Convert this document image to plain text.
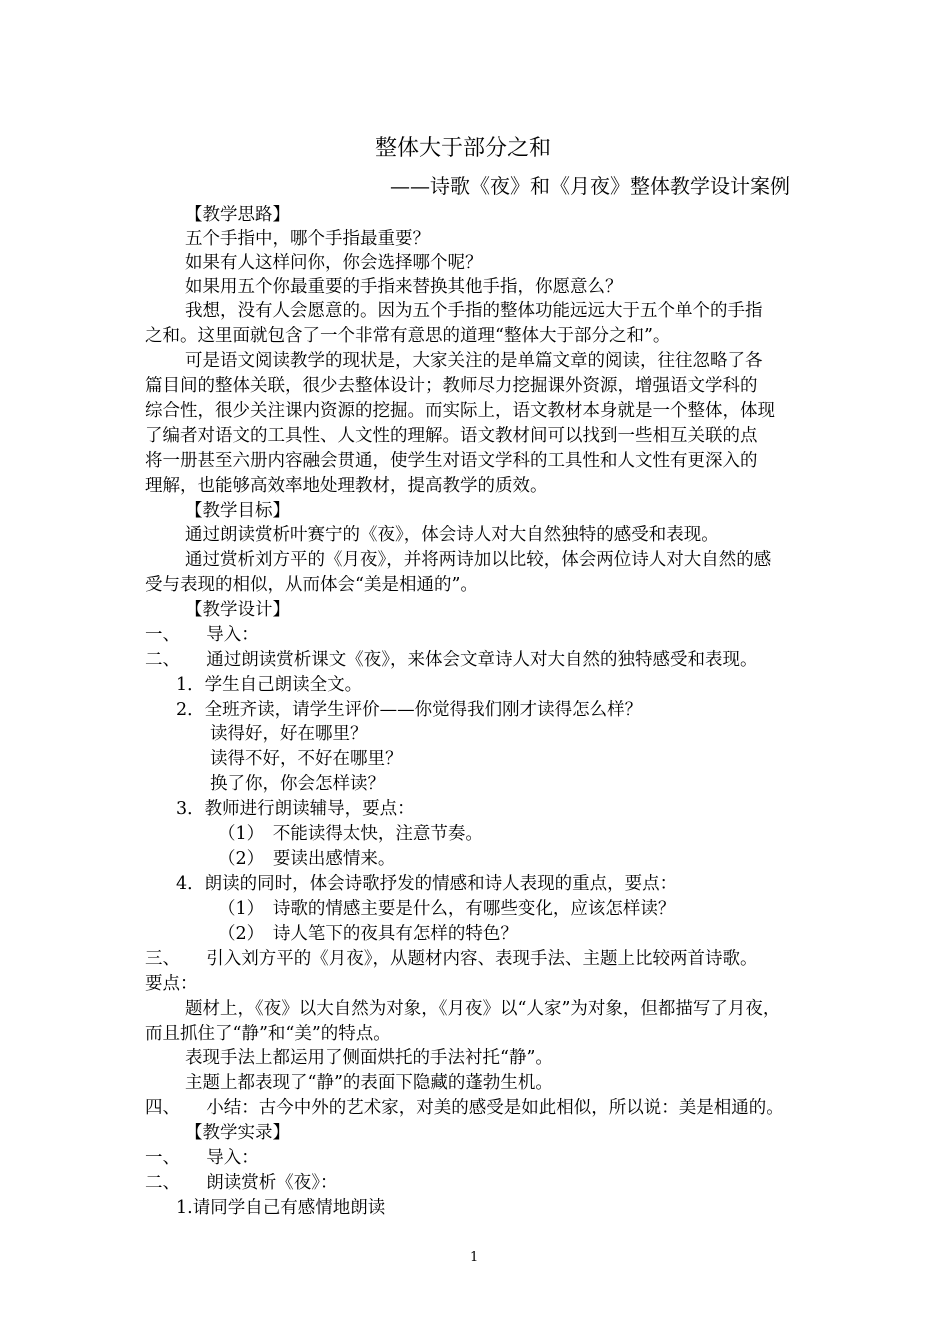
整体大于部分之和
——诗歌《夜》和《月夜》整体教学设计案例
【教学思路】
五个手指中，哪个手指最重要？
如果有人这样问你，你会选择哪个呢？
如果用五个你最重要的手指来替换其他手指，你愿意么？
我想，没有人会愿意的。因为五个手指的整体功能远远大于五个单个的手指
之和。这里面就包含了一个非常有意思的道理“整体大于部分之和”。
可是语文阅读教学的现状是，大家关注的是单篇文章的阅读，往往忽略了各
篇目间的整体关联，很少去整体设计；教师尽力挖掘课外资源，增强语文学科的
综合性，很少关注课内资源的挖掘。而实际上，语文教材本身就是一个整体，体现
了编者对语文的工具性、人文性的理解。语文教材间可以找到一些相互关联的点
将一册甚至六册内容融会贯通，使学生对语文学科的工具性和人文性有更深入的
理解，也能够高效率地处理教材，提高教学的质效。
【教学目标】
通过朗读赏析叶赛宁的《夜》，体会诗人对大自然独特的感受和表现。
通过赏析刘方平的《月夜》，并将两诗加以比较，体会两位诗人对大自然的感
受与表现的相似，从而体会“美是相通的”。
【教学设计】
一、　　导入：
二、　　通过朗读赏析课文《夜》，来体会文章诗人对大自然的独特感受和表现。
1．学生自己朗读全文。
2．全班齐读，请学生评价——你觉得我们刚才读得怎么样？
读得好，好在哪里？
读得不好，不好在哪里？
换了你，你会怎样读？
3．教师进行朗读辅导，要点：
（1）　不能读得太快，注意节奏。
（2）　要读出感情来。
4．朗读的同时，体会诗歌抒发的情感和诗人表现的重点，要点：
（1）　诗歌的情感主要是什么，有哪些变化，应该怎样读？
（2）　诗人笔下的夜具有怎样的特色？
三、　　引入刘方平的《月夜》，从题材内容、表现手法、主题上比较两首诗歌。
要点：
题材上，《夜》以大自然为对象，《月夜》以“人家”为对象，但都描写了月夜，
而且抓住了“静”和“美”的特点。
表现手法上都运用了侧面烘托的手法衬托“静”。
主题上都表现了“静”的表面下隐藏的蓬勃生机。
四、　　小结：古今中外的艺术家，对美的感受是如此相似，所以说：美是相通的。
【教学实录】
一、　　导入：
二、　　朗读赏析《夜》：
1.请同学自己有感情地朗读
1
